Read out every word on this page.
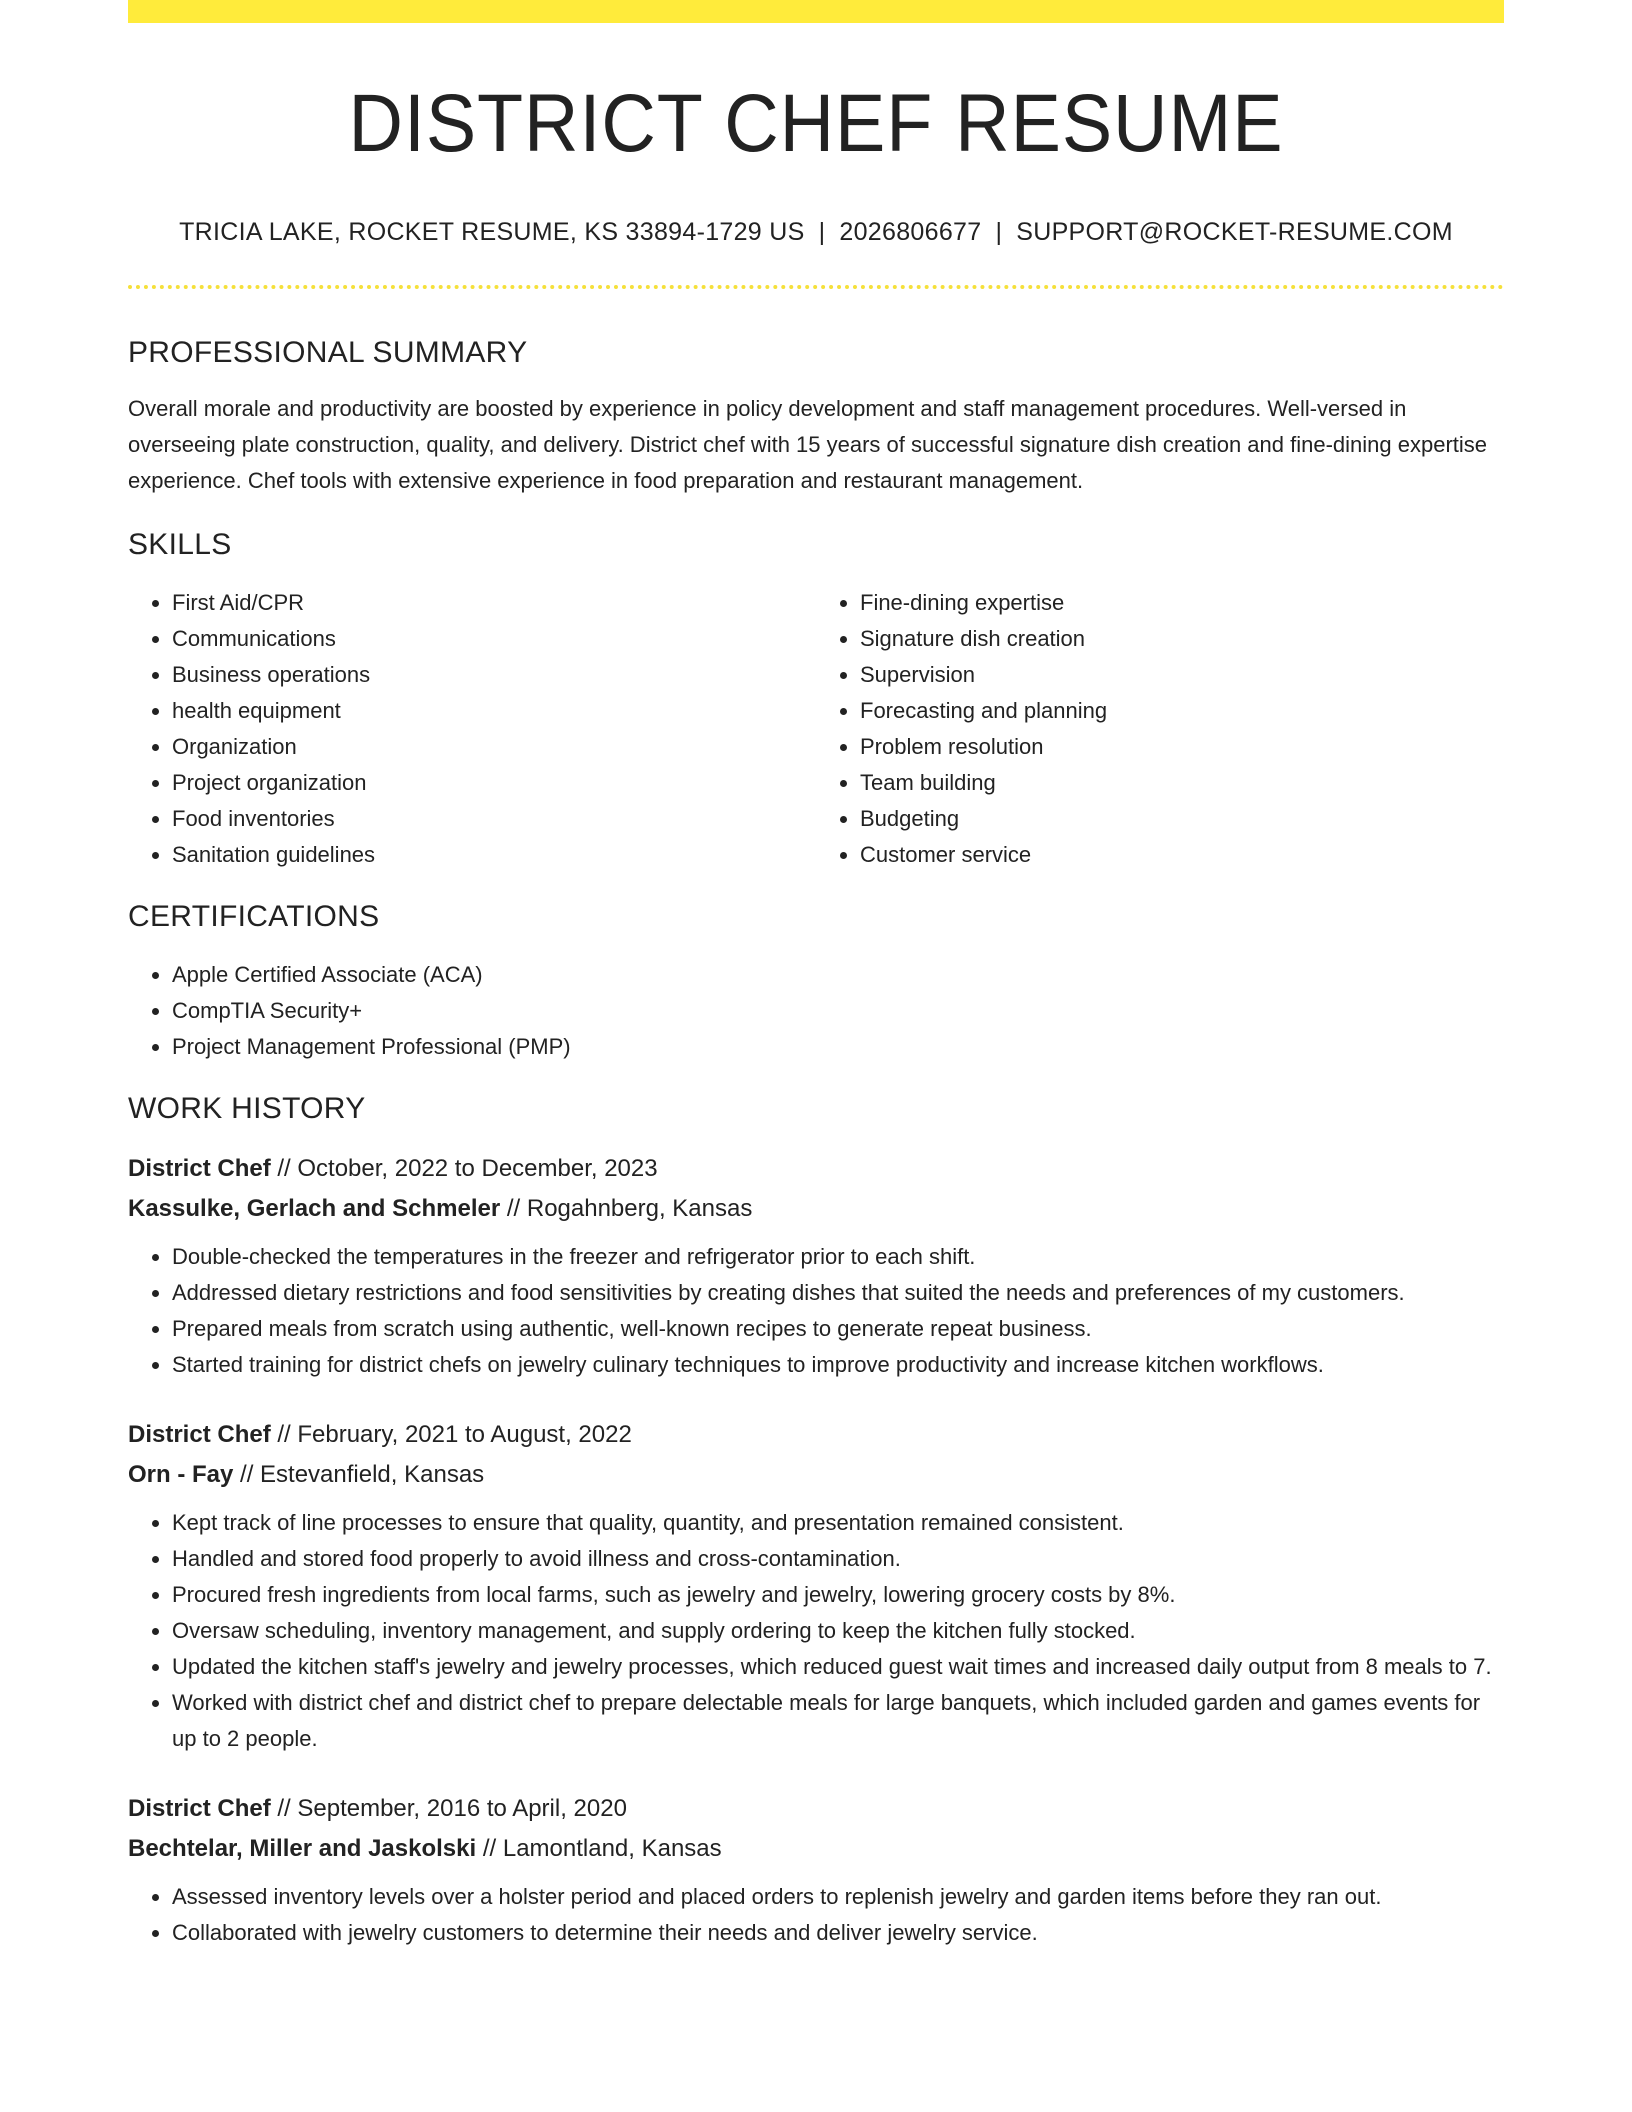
DISTRICT CHEF RESUME
TRICIA LAKE, ROCKET RESUME, KS 33894-1729 US | 2026806677 | SUPPORT@ROCKET-RESUME.COM
PROFESSIONAL SUMMARY
Overall morale and productivity are boosted by experience in policy development and staff management procedures. Well-versed in overseeing plate construction, quality, and delivery. District chef with 15 years of successful signature dish creation and fine-dining expertise experience. Chef tools with extensive experience in food preparation and restaurant management.
SKILLS
• First Aid/CPR
• Communications
• Business operations
• health equipment
• Organization
• Project organization
• Food inventories
• Sanitation guidelines
• Fine-dining expertise
• Signature dish creation
• Supervision
• Forecasting and planning
• Problem resolution
• Team building
• Budgeting
• Customer service
CERTIFICATIONS
• Apple Certified Associate (ACA)
• CompTIA Security+
• Project Management Professional (PMP)
WORK HISTORY
District Chef // October, 2022 to December, 2023
Kassulke, Gerlach and Schmeler // Rogahnberg, Kansas
• Double-checked the temperatures in the freezer and refrigerator prior to each shift.
• Addressed dietary restrictions and food sensitivities by creating dishes that suited the needs and preferences of my customers.
• Prepared meals from scratch using authentic, well-known recipes to generate repeat business.
• Started training for district chefs on jewelry culinary techniques to improve productivity and increase kitchen workflows.
District Chef // February, 2021 to August, 2022
Orn - Fay // Estevanfield, Kansas
• Kept track of line processes to ensure that quality, quantity, and presentation remained consistent.
• Handled and stored food properly to avoid illness and cross-contamination.
• Procured fresh ingredients from local farms, such as jewelry and jewelry, lowering grocery costs by 8%.
• Oversaw scheduling, inventory management, and supply ordering to keep the kitchen fully stocked.
• Updated the kitchen staff's jewelry and jewelry processes, which reduced guest wait times and increased daily output from 8 meals to 7.
• Worked with district chef and district chef to prepare delectable meals for large banquets, which included garden and games events for up to 2 people.
District Chef // September, 2016 to April, 2020
Bechtelar, Miller and Jaskolski // Lamontland, Kansas
• Assessed inventory levels over a holster period and placed orders to replenish jewelry and garden items before they ran out.
• Collaborated with jewelry customers to determine their needs and deliver jewelry service.
